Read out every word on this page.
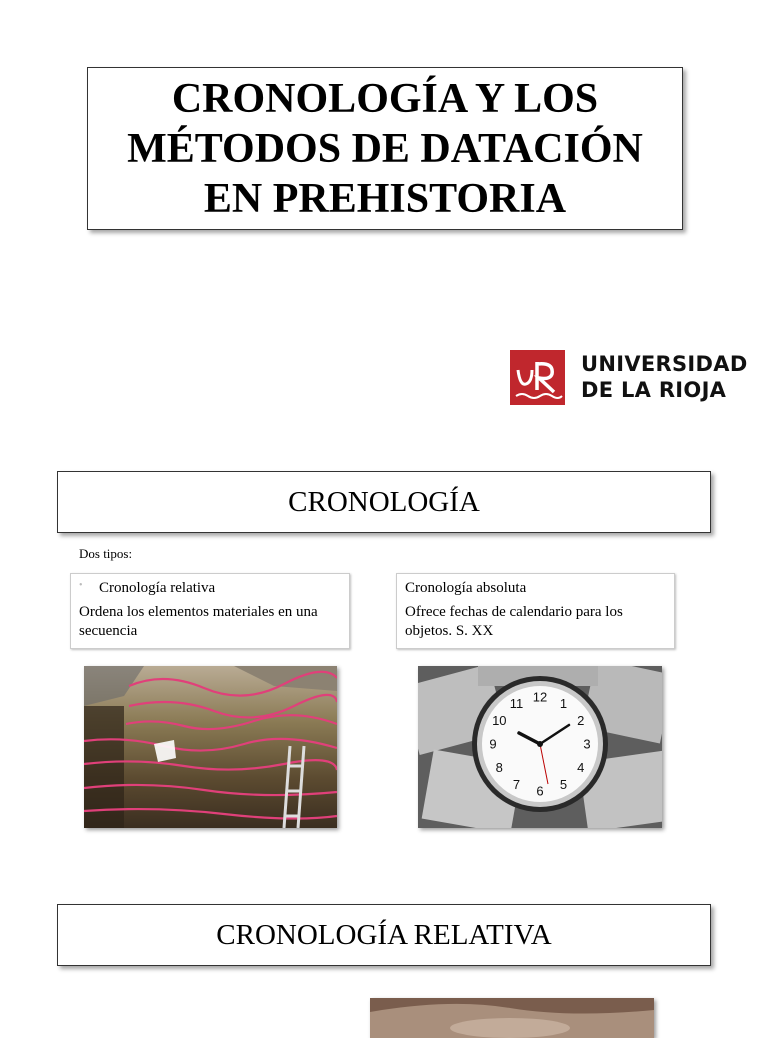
CRONOLOGÍA Y LOS
MÉTODOS DE DATACIÓN
EN PREHISTORIA
UNIVERSIDAD
DE LA RIOJA
CRONOLOGÍA
Dos tipos:
• Cronología relativa
Ordena los elementos materiales en una secuencia
Cronología absoluta
Ofrece fechas de calendario para los objetos. S. XX
12 1
2
3
4
5
6
7
8
9
10
11
CRONOLOGÍA RELATIVA
